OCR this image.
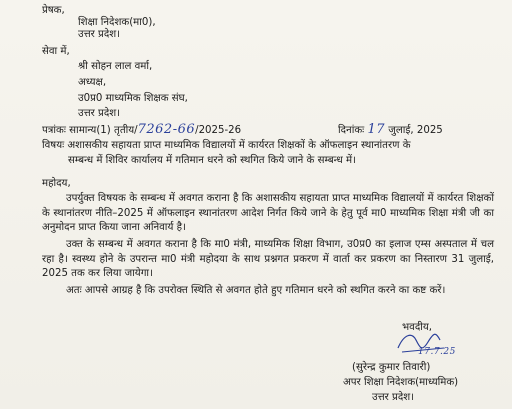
प्रेषक,
शिक्षा निदेशक(मा0),
उत्तर प्रदेश।
सेवा में,
श्री सोहन लाल वर्मा,
अध्यक्ष,
उ0प्र0 माध्यमिक शिक्षक संघ,
उत्तर प्रदेश।
पत्रांकः सामान्य(1) तृतीय/7262-66/2025-26	दिनांकः 17 जुलाई, 2025
विषयः अशासकीय सहायता प्राप्त माध्यमिक विद्यालयों में कार्यरत शिक्षकों के ऑफलाइन स्थानांतरण के
सम्बन्ध में शिविर कार्यालय में गतिमान धरने को स्थगित किये जाने के सम्बन्ध में।
महोदय,
उपर्युक्त विषयक के सम्बन्ध में अवगत कराना है कि अशासकीय सहायता प्राप्त माध्यमिक विद्यालयों में कार्यरत शिक्षकों के स्थानांतरण नीति–2025 में ऑफलाइन स्थानांतरण आदेश निर्गत किये जाने के हेतु पूर्व मा0 माध्यमिक शिक्षा मंत्री जी का अनुमोदन प्राप्त किया जाना अनिवार्य है।
उक्त के सम्बन्ध में अवगत कराना है कि मा0 मंत्री, माध्यमिक शिक्षा विभाग, उ0प्र0 का इलाज एम्स अस्पताल में चल रहा है। स्वस्थ्य होने के उपरान्त मा0 मंत्री महोदया के साथ प्रश्नगत प्रकरण में वार्ता कर प्रकरण का निस्तारण 31 जुलाई, 2025 तक कर लिया जायेगा।
अतः आपसे आग्रह है कि उपरोक्त स्थिति से अवगत होते हुए गतिमान धरने को स्थगित करने का कष्ट करें।
भवदीय,
17.7.25
(सुरेन्द्र कुमार तिवारी)
अपर शिक्षा निदेशक(माध्यमिक)
उत्तर प्रदेश।
